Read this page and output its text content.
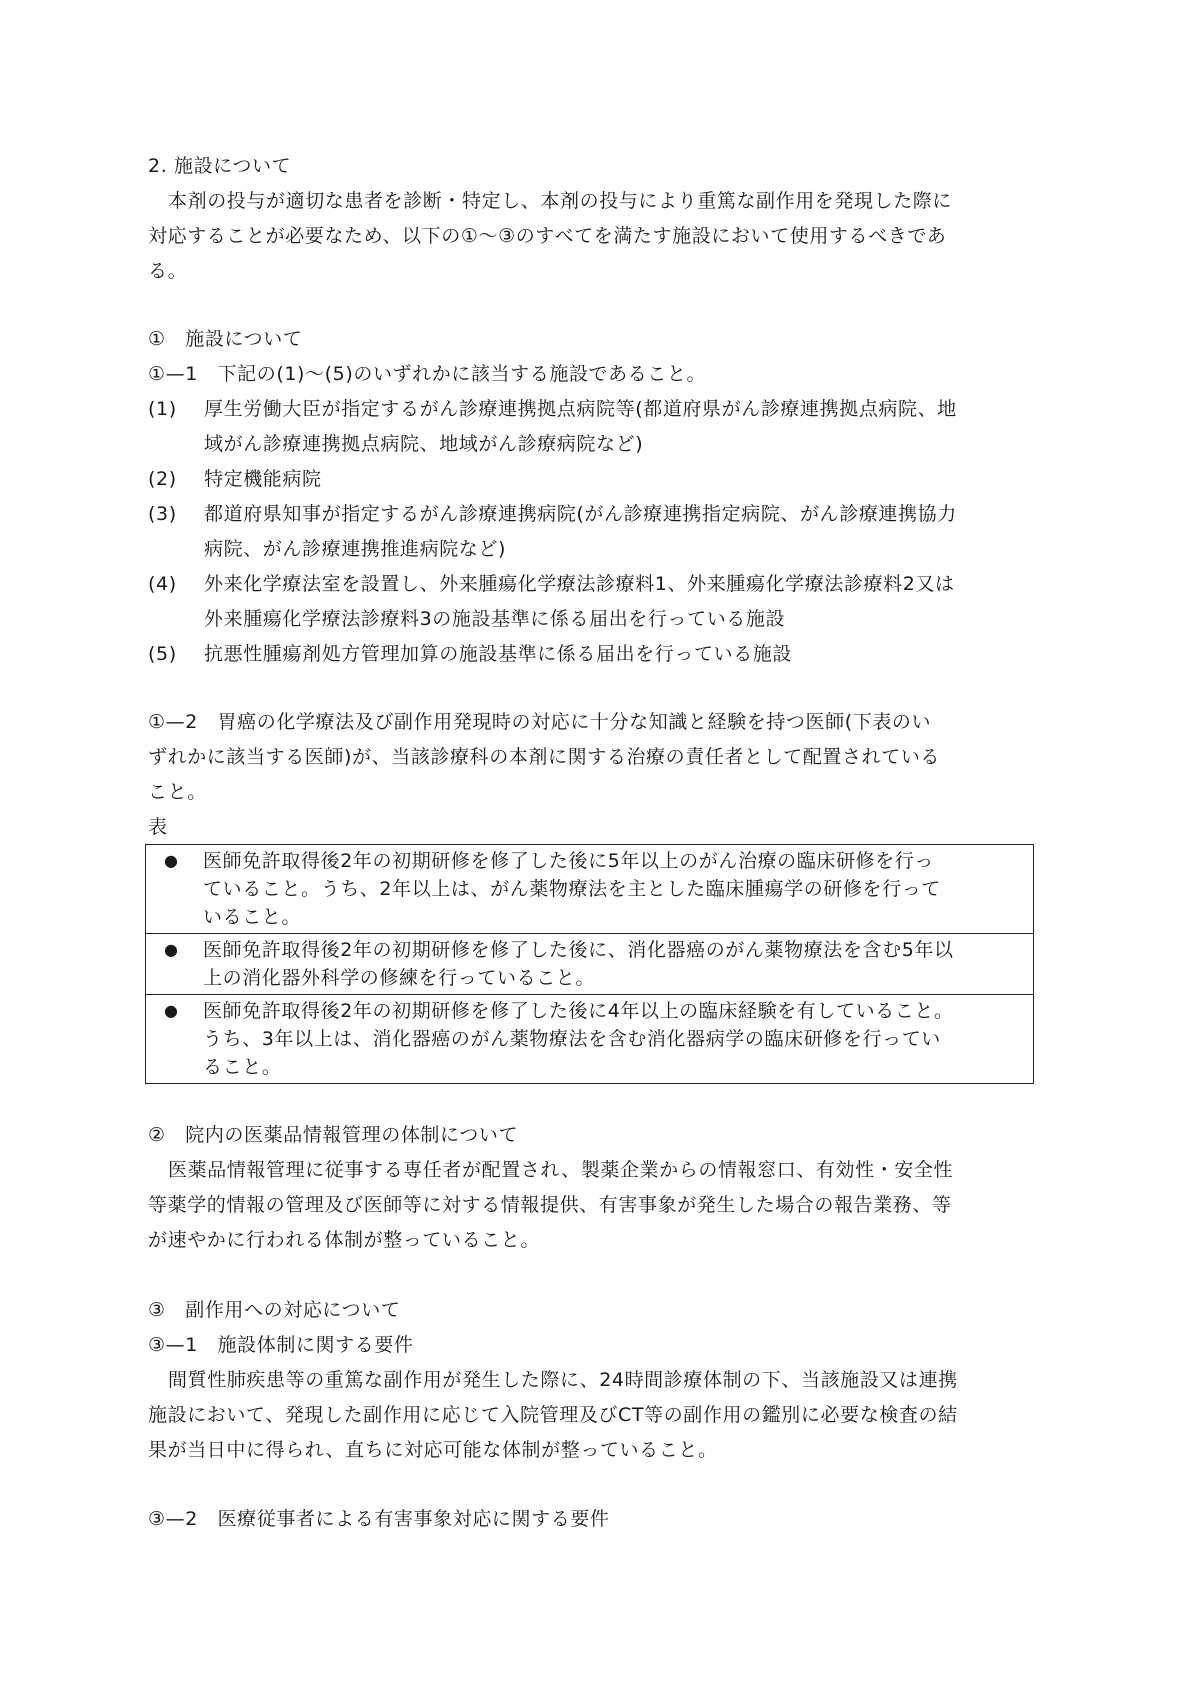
2. 施設について
本剤の投与が適切な患者を診断・特定し、本剤の投与により重篤な副作用を発現した際に
対応することが必要なため、以下の①～③のすべてを満たす施設において使用するべきであ
る。
①　施設について
①—1　下記の(1)～(5)のいずれかに該当する施設であること。
(1)	厚生労働大臣が指定するがん診療連携拠点病院等(都道府県がん診療連携拠点病院、地
域がん診療連携拠点病院、地域がん診療病院など)
(2)	特定機能病院
(3)	都道府県知事が指定するがん診療連携病院(がん診療連携指定病院、がん診療連携協力
病院、がん診療連携推進病院など)
(4)	外来化学療法室を設置し、外来腫瘍化学療法診療料1、外来腫瘍化学療法診療料2又は
外来腫瘍化学療法診療料3の施設基準に係る届出を行っている施設
(5)	抗悪性腫瘍剤処方管理加算の施設基準に係る届出を行っている施設
①—2　胃癌の化学療法及び副作用発現時の対応に十分な知識と経験を持つ医師(下表のい
ずれかに該当する医師)が、当該診療科の本剤に関する治療の責任者として配置されている
こと。
表
● 医師免許取得後2年の初期研修を修了した後に5年以上のがん治療の臨床研修を行っ
ていること。うち、2年以上は、がん薬物療法を主とした臨床腫瘍学の研修を行って
いること。
● 医師免許取得後2年の初期研修を修了した後に、消化器癌のがん薬物療法を含む5年以
上の消化器外科学の修練を行っていること。
● 医師免許取得後2年の初期研修を修了した後に4年以上の臨床経験を有していること。
うち、3年以上は、消化器癌のがん薬物療法を含む消化器病学の臨床研修を行ってい
ること。
②　院内の医薬品情報管理の体制について
医薬品情報管理に従事する専任者が配置され、製薬企業からの情報窓口、有効性・安全性
等薬学的情報の管理及び医師等に対する情報提供、有害事象が発生した場合の報告業務、等
が速やかに行われる体制が整っていること。
③　副作用への対応について
③—1　施設体制に関する要件
間質性肺疾患等の重篤な副作用が発生した際に、24時間診療体制の下、当該施設又は連携
施設において、発現した副作用に応じて入院管理及びCT等の副作用の鑑別に必要な検査の結
果が当日中に得られ、直ちに対応可能な体制が整っていること。
③—2　医療従事者による有害事象対応に関する要件
